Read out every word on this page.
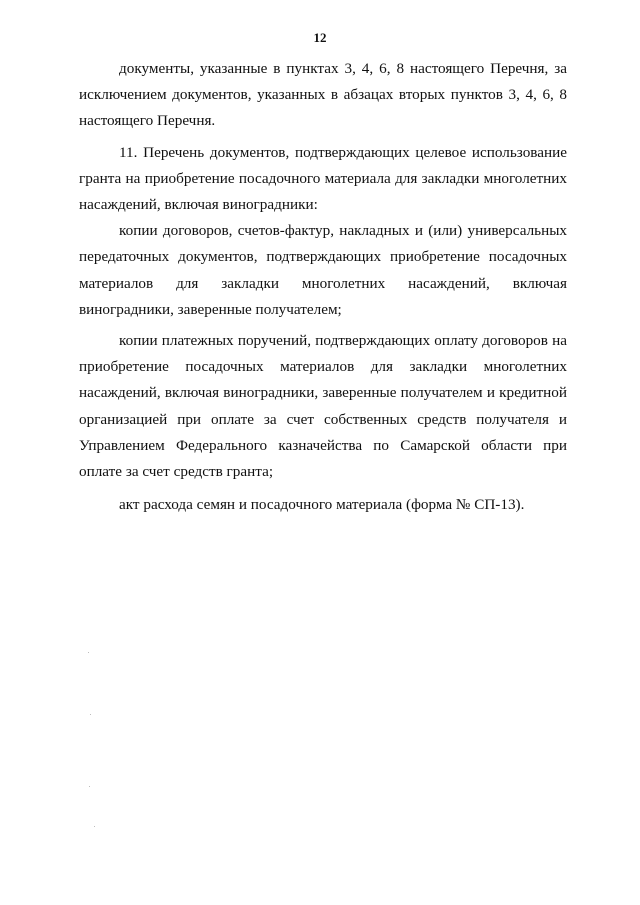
12

документы, указанные в пунктах 3, 4, 6, 8 настоящего Перечня, за исключением документов, указанных в абзацах вторых пунктов 3, 4, 6, 8 настоящего Перечня.

11. Перечень документов, подтверждающих целевое использование гранта на приобретение посадочного материала для закладки многолетних насаждений, включая виноградники:

копии договоров, счетов-фактур, накладных и (или) универсальных передаточных документов, подтверждающих приобретение посадочных материалов для закладки многолетних насаждений, включая виноградники, заверенные получателем;

копии платежных поручений, подтверждающих оплату договоров на приобретение посадочных материалов для закладки многолетних насаждений, включая виноградники, заверенные получателем и кредитной организацией при оплате за счет собственных средств получателя и Управлением Федерального казначейства по Самарской области при оплате за счет средств гранта;

акт расхода семян и посадочного материала (форма № СП-13).
